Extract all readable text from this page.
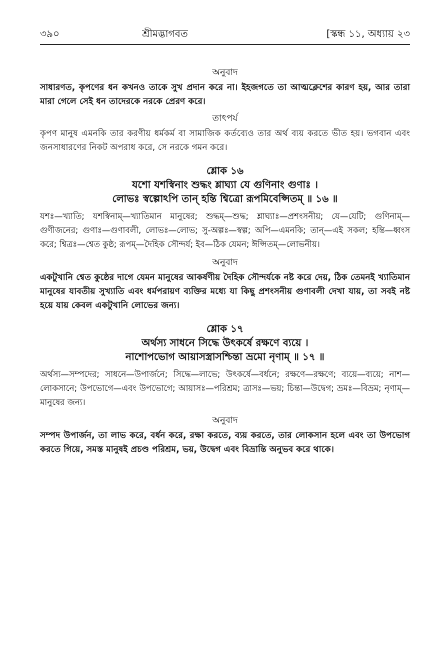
৩৯০	শ্রীমদ্ভাগবত	[স্কন্ধ ১১, অধ্যায় ২৩
অনুবাদ
সাধারণত, কৃপণের ধন কখনও তাকে সুখ প্রদান করে না। ইহজগতে তা আত্মক্লেশের কারণ হয়, আর তারা মারা গেলে সেই ধন তাদেরকে নরকে প্রেরণ করে।
তাৎপর্য
কৃপণ মানুষ এমনকি তার করণীয় ধর্মকর্ম বা সামাজিক কর্তব্যেও তার অর্থ ব্যয় করতে ভীত হয়। ভগবান এবং জনসাধারণের নিকট অপরাধ করে, সে নরকে গমন করে।
শ্লোক ১৬
যশো যশস্বিনাং শুদ্ধং শ্লাঘ্যা যে গুণিনাং গুণাঃ ।
লোভঃ স্বল্পোঽপি তান্ হন্তি শ্বিত্রো রূপমিবেপ্সিতম্ ॥ ১৬ ॥
যশঃ—খ্যাতি; যশস্বিনাম্—খ্যাতিমান মানুষের; শুদ্ধম্—শুদ্ধ; শ্লাঘ্যাঃ—প্রশংসনীয়; যে—যেটি; গুণিনাম্—গুণীজনের; গুণাঃ—গুণাবলী, লোভঃ—লোভ; সু-অল্পঃ—স্বল্প; অপি—এমনকি; তান্—এই সকল; হন্তি—ধ্বংস করে; শ্বিত্রঃ—শ্বেত কুষ্ঠ; রূপম্—দৈহিক সৌন্দর্য; ইব—ঠিক যেমন; ঈপ্সিতম্—লোভনীয়।
অনুবাদ
একটুখানি শ্বেত কুষ্ঠের দাগে যেমন মানুষের আকর্ষণীয় দৈহিক সৌন্দর্যকে নষ্ট করে দেয়, ঠিক তেমনই খ্যাতিমান মানুষের যাবতীয় সুখ্যাতি এবং ধর্মপরায়ণ ব্যক্তির মধ্যে যা কিছু প্রশংসনীয় গুণাবলী দেখা যায়, তা সবই নষ্ট হয়ে যায় কেবল একটুখানি লোভের জন্য।
শ্লোক ১৭
অর্থস্য সাধনে সিদ্ধে উৎকর্ষে রক্ষণে ব্যয়ে ।
নাশোপভোগ আয়াসস্ত্রাসশ্চিন্তা ভ্রমো নৃণাম্ ॥ ১৭ ॥
অর্থস্য—সম্পদের; সাধনে—উপার্জনে; সিদ্ধে—লাভে; উৎকর্ষে—বর্ধনে; রক্ষণে—রক্ষণে; ব্যয়ে—ব্যয়ে; নাশ—লোকসানে; উপভোগে—এবং উপভোগে; আয়াসঃ—পরিশ্রম; ত্রাসঃ—ভয়; চিন্তা—উদ্বেগ; ভ্রমঃ—বিভ্রম; নৃণাম্—মানুষের জন্য।
অনুবাদ
সম্পদ উপার্জন, তা লাভ করে, বর্ধন করে, রক্ষা করতে, ব্যয় করতে, তার লোকসান হলে এবং তা উপভোগ করতে গিয়ে, সমস্ত মানুষই প্রচণ্ড পরিশ্রম, ভয়, উদ্বেগ এবং বিভ্রান্তি অনুভব করে থাকে।
